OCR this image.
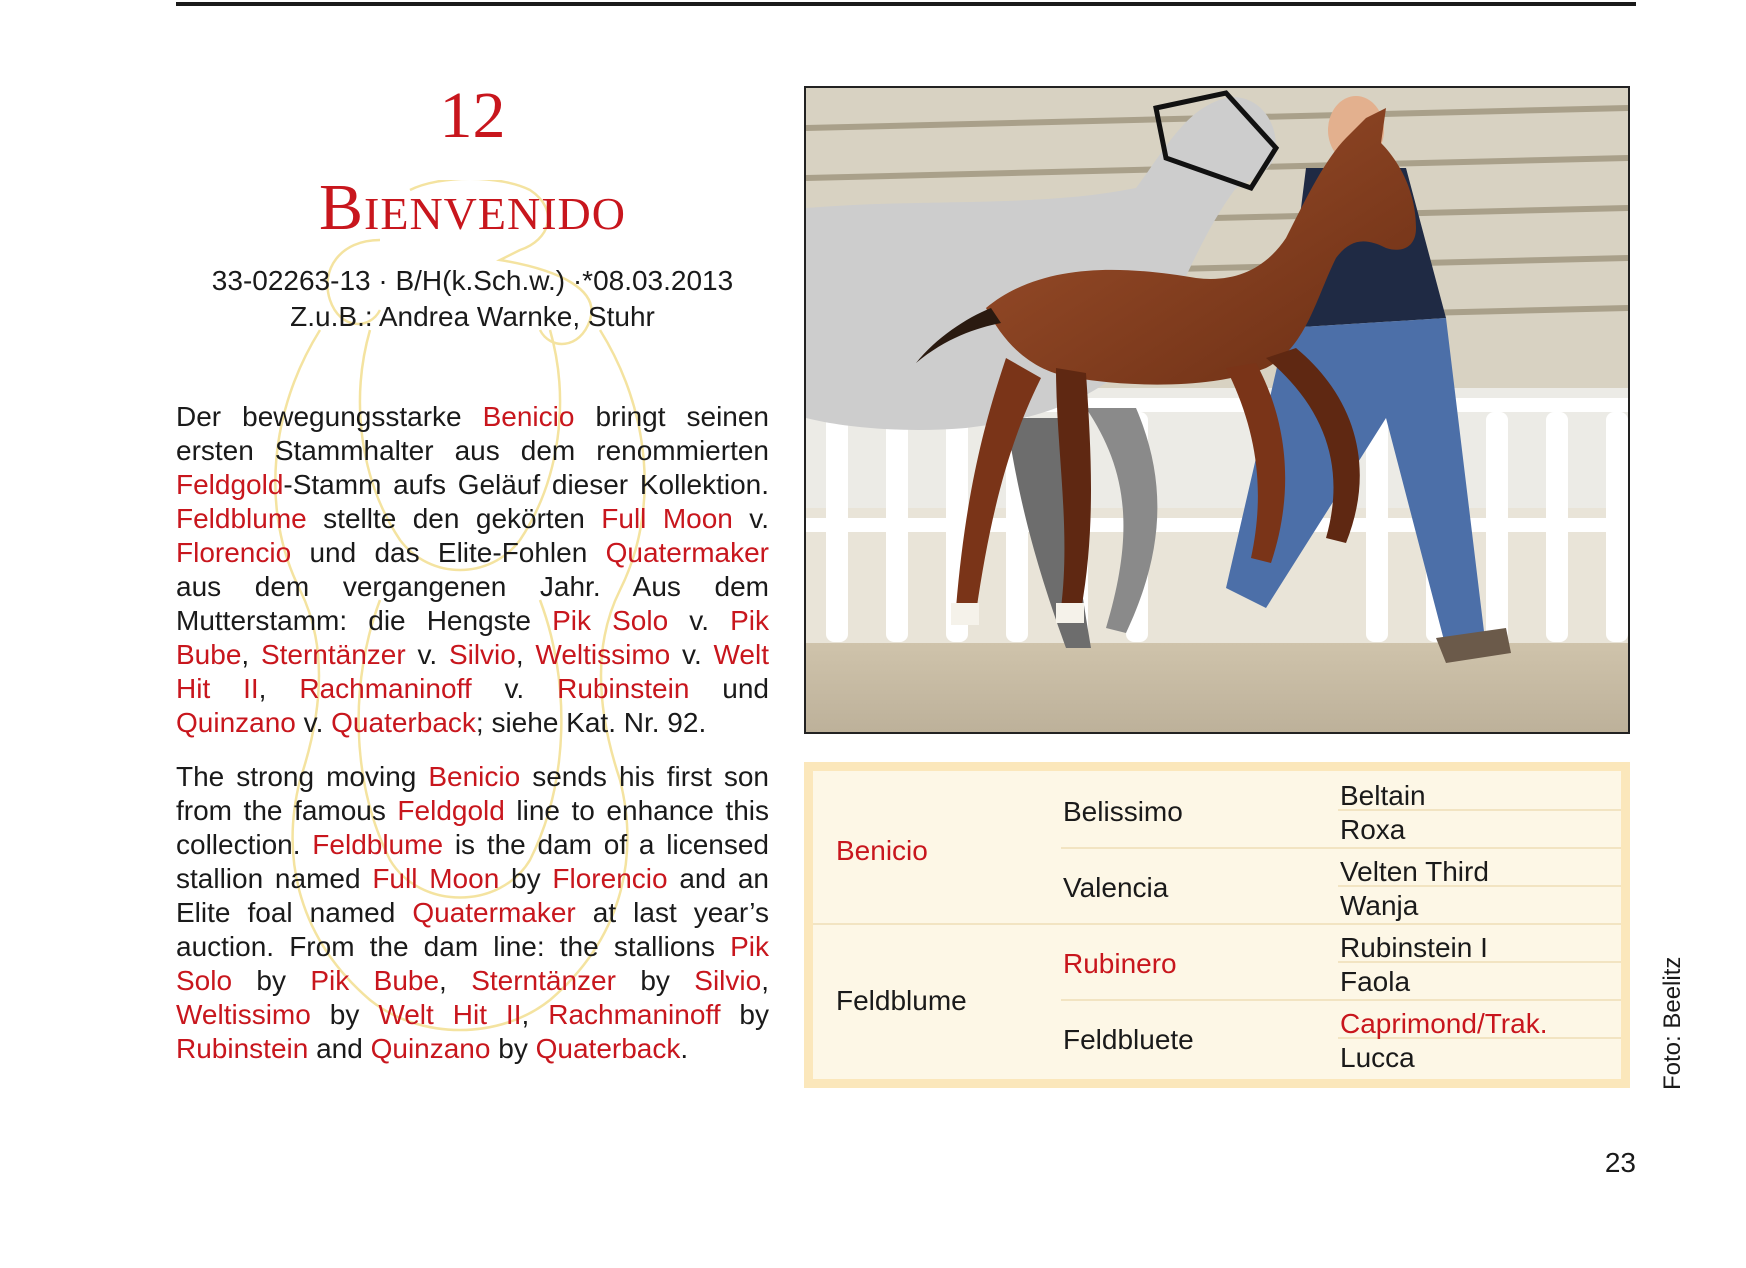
12
Bienvenido
33-02263-13 · B/H(k.Sch.w.) ·*08.03.2013
Z.u.B.: Andrea Warnke, Stuhr

Der bewegungsstarke Benicio bringt seinen ersten Stammhalter aus dem renommierten Feldgold-Stamm aufs Geläuf dieser Kollektion. Feldblume stellte den gekörten Full Moon v. Florencio und das Elite-Fohlen Quatermaker aus dem vergangenen Jahr. Aus dem Mutterstamm: die Hengste Pik Solo v. Pik Bube, Sterntänzer v. Silvio, Weltissimo v. Welt Hit II, Rachmaninoff v. Rubinstein und Quinzano v. Quaterback; siehe Kat. Nr. 92.

The strong moving Benicio sends his first son from the famous Feldgold line to enhance this collection. Feldblume is the dam of a licensed stallion named Full Moon by Florencio and an Elite foal named Quatermaker at last year’s auction. From the dam line: the stallions Pik Solo by Pik Bube, Sterntänzer by Silvio, Weltissimo by Welt Hit II, Rachmaninoff by Rubinstein and Quinzano by Quaterback.

Benicio
Feldblume
Belissimo
Valencia
Rubinero
Feldbluete
Beltain
Roxa
Velten Third
Wanja
Rubinstein I
Faola
Caprimond/Trak.
Lucca	Foto: Beelitz
23
